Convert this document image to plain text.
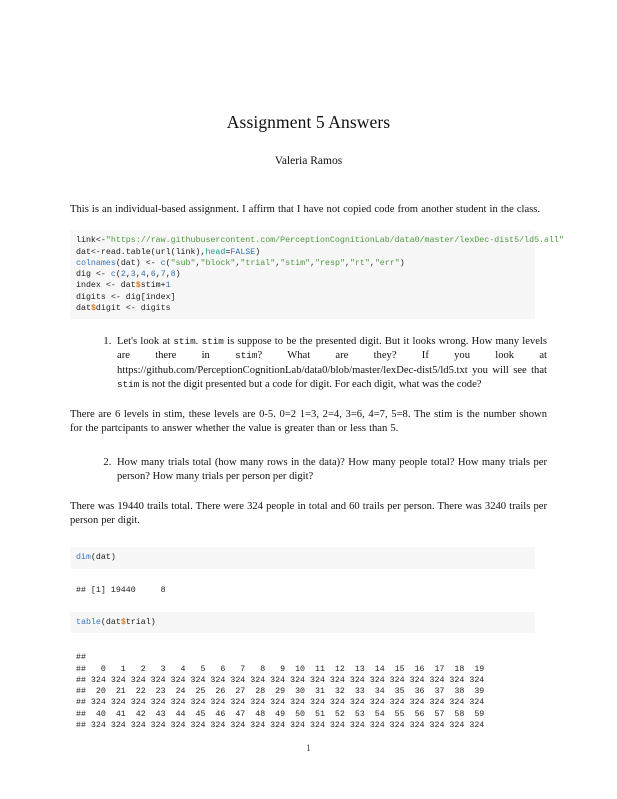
Assignment 5 Answers
Valeria Ramos

This is an individual-based assignment. I affirm that I have not copied code from another student in the class.

link<-"https://raw.githubusercontent.com/PerceptionCognitionLab/data0/master/lexDec-dist5/ld5.all"
dat<-read.table(url(link),head=FALSE)
colnames(dat) <- c("sub","block","trial","stim","resp","rt","err")
dig <- c(2,3,4,6,7,8)
index <- dat$stim+1
digits <- dig[index]
dat$digit <- digits
1. Let's look at stim. stim is suppose to be the presented digit. But it looks wrong. How many levels are there in stim? What are they? If you look at https://github.com/PerceptionCognitionLab/data0/blob/master/lexDec-dist5/ld5.txt you will see that stim is not the digit presented but a code for digit. For each digit, what was the code?

There are 6 levels in stim, these levels are 0-5. 0=2 1=3, 2=4, 3=6, 4=7, 5=8. The stim is the number shown for the partcipants to answer whether the value is greater than or less than 5.

2. How many trials total (how many rows in the data)? How many people total? How many trials per person? How many trials per person per digit?

There was 19440 trails total. There were 324 people in total and 60 trails per person. There was 3240 trails per person per digit.

dim(dat)
## [1] 19440     8
table(dat$trial)
##
##   0   1   2   3   4   5   6   7   8   9  10  11  12  13  14  15  16  17  18  19
## 324 324 324 324 324 324 324 324 324 324 324 324 324 324 324 324 324 324 324 324
##  20  21  22  23  24  25  26  27  28  29  30  31  32  33  34  35  36  37  38  39
## 324 324 324 324 324 324 324 324 324 324 324 324 324 324 324 324 324 324 324 324
##  40  41  42  43  44  45  46  47  48  49  50  51  52  53  54  55  56  57  58  59
## 324 324 324 324 324 324 324 324 324 324 324 324 324 324 324 324 324 324 324 324
1
